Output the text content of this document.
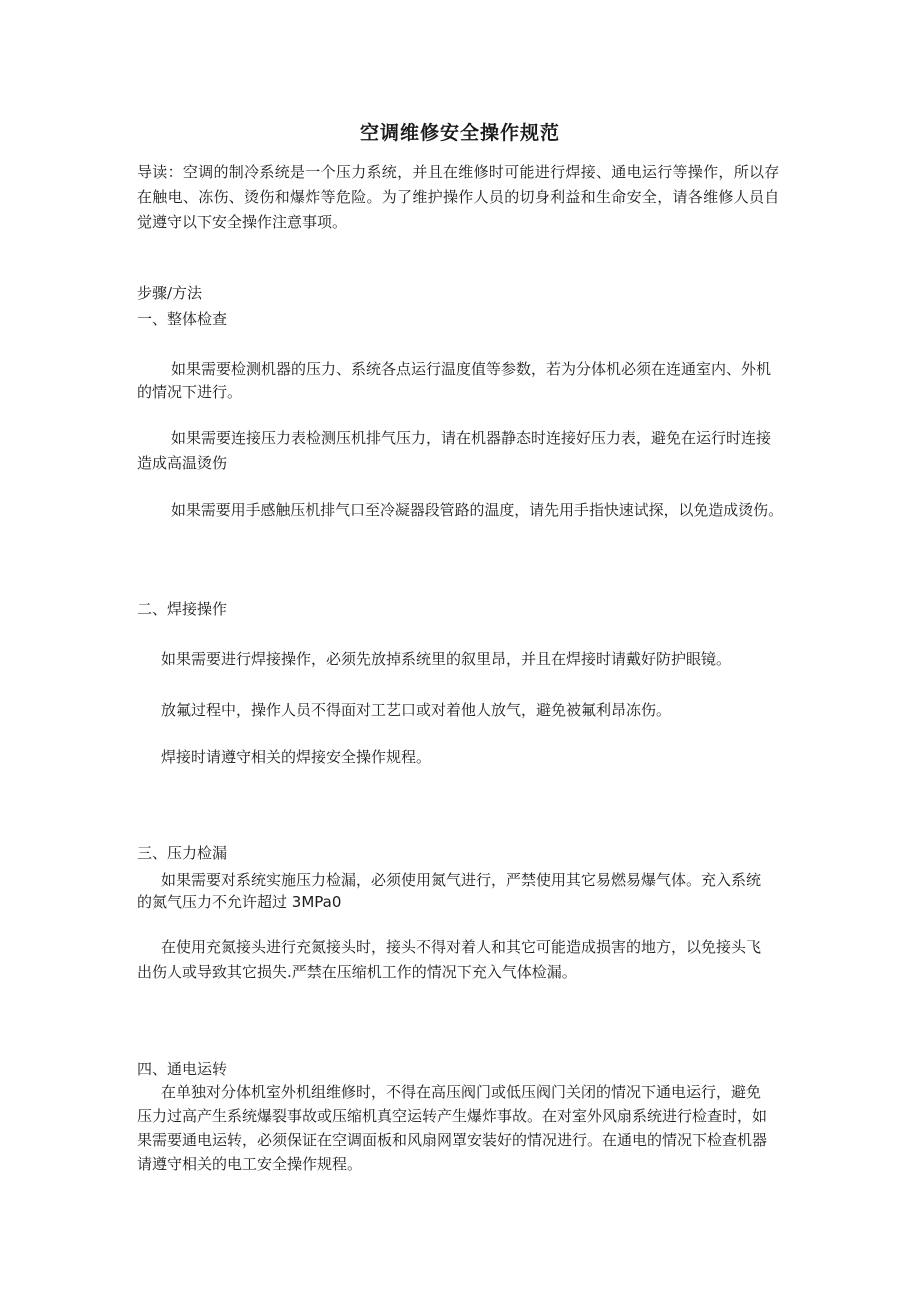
空调维修安全操作规范

导读：空调的制冷系统是一个压力系统，并且在维修时可能进行焊接、通电运行等操作，所以存

在触电、冻伤、烫伤和爆炸等危险。为了维护操作人员的切身利益和生命安全，请各维修人员自

觉遵守以下安全操作注意事项。

步骤/方法

一、整体检查

如果需要检测机器的压力、系统各点运行温度值等参数，若为分体机必须在连通室内、外机

的情况下进行。

如果需要连接压力表检测压机排气压力，请在机器静态时连接好压力表，避免在运行时连接

造成高温烫伤

如果需要用手感触压机排气口至冷凝器段管路的温度，请先用手指快速试探，以免造成烫伤。

二、焊接操作

如果需要进行焊接操作，必须先放掉系统里的叙里昂，并且在焊接时请戴好防护眼镜。

放氟过程中，操作人员不得面对工艺口或对着他人放气，避免被氟利昂冻伤。

焊接时请遵守相关的焊接安全操作规程。

三、压力检漏

如果需要对系统实施压力检漏，必须使用氮气进行，严禁使用其它易燃易爆气体。充入系统

的氮气压力不允许超过 3MPa0

在使用充氮接头进行充氮接头时，接头不得对着人和其它可能造成损害的地方，以免接头飞

出伤人或导致其它损失.严禁在压缩机工作的情况下充入气体检漏。

四、通电运转

在单独对分体机室外机组维修时，不得在高压阀门或低压阀门关闭的情况下通电运行，避免

压力过高产生系统爆裂事故或压缩机真空运转产生爆炸事故。在对室外风扇系统进行检查时，如

果需要通电运转，必须保证在空调面板和风扇网罩安装好的情况进行。在通电的情况下检查机器

请遵守相关的电工安全操作规程。
